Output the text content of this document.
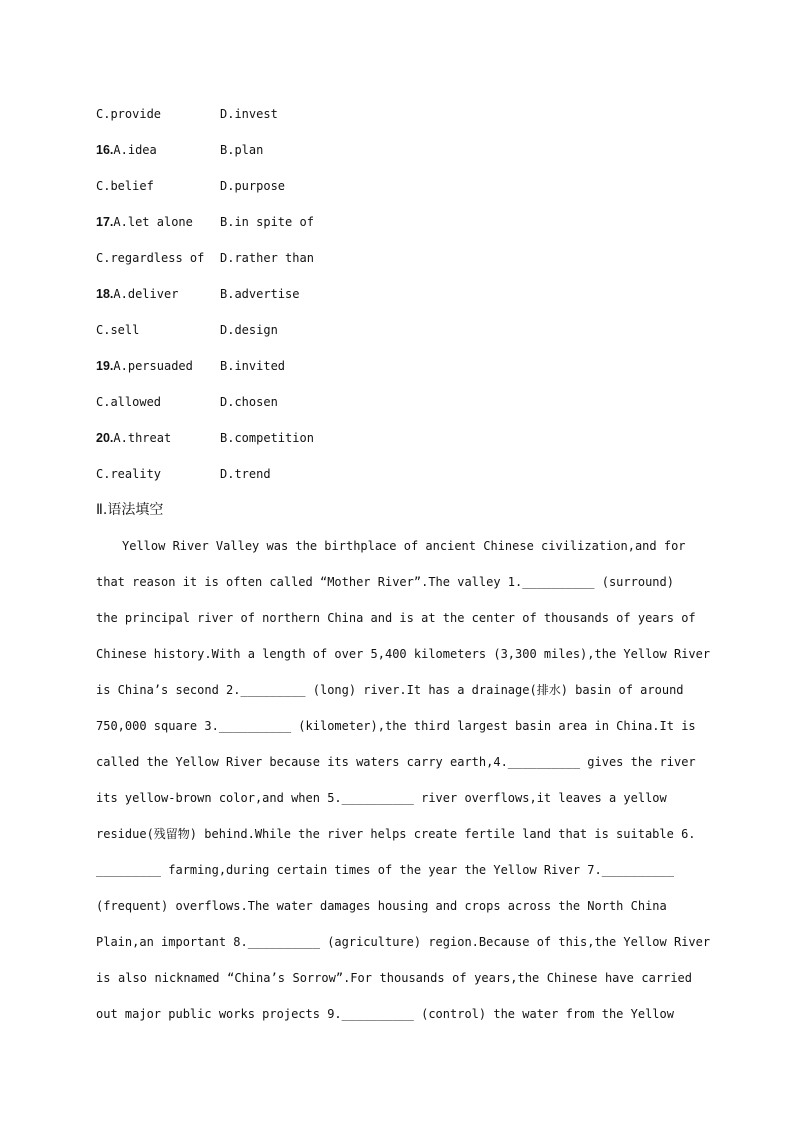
C.provide	D.invest
16.A.idea	B.plan
C.belief	D.purpose
17.A.let alone B.in spite of
C.regardless of D.rather than
18.A.deliver	B.advertise
C.sell	D.design
19.A.persuaded B.invited
C.allowed	D.chosen
20.A.threat	B.competition
C.reality	D.trend
Ⅱ.语法填空
Yellow River Valley was the birthplace of ancient Chinese civilization,and for
that reason it is often called “Mother River”.The valley 1.__________ (surround)
the principal river of northern China and is at the center of thousands of years of
Chinese history.With a length of over 5,400 kilometers (3,300 miles),the Yellow River
is China’s second 2._________ (long) river.It has a drainage(排水) basin of around
750,000 square 3.__________ (kilometer),the third largest basin area in China.It is
called the Yellow River because its waters carry earth,4.__________ gives the river
its yellow-brown color,and when 5.__________ river overflows,it leaves a yellow
residue(残留物) behind.While the river helps create fertile land that is suitable 6.
_________ farming,during certain times of the year the Yellow River 7.__________
(frequent) overflows.The water damages housing and crops across the North China
Plain,an important 8.__________ (agriculture) region.Because of this,the Yellow River
is also nicknamed “China’s Sorrow”.For thousands of years,the Chinese have carried
out major public works projects 9.__________ (control) the water from the Yellow
